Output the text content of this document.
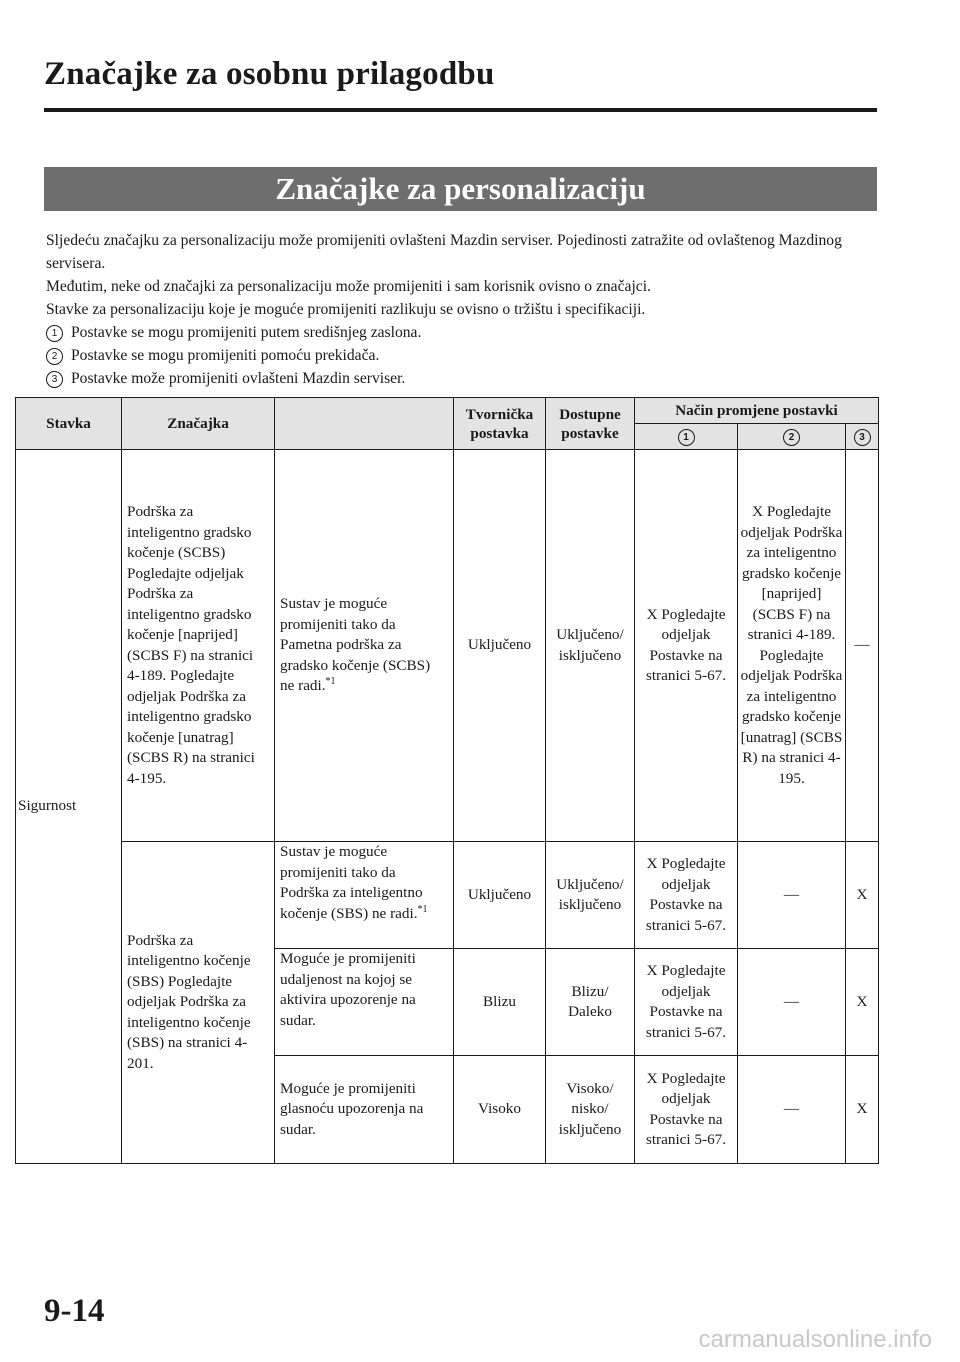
Značajke za osobnu prilagodbu
Značajke za personalizaciju

Sljedeću značajku za personalizaciju može promijeniti ovlašteni Mazdin serviser. Pojedinosti zatražite od ovlaštenog Mazdinog servisera.

Međutim, neke od značajki za personalizaciju može promijeniti i sam korisnik ovisno o značajci.

Stavke za personalizaciju koje je moguće promijeniti razlikuju se ovisno o tržištu i specifikaciji.

1 Postavke se mogu promijeniti putem središnjeg zaslona.

2 Postavke se mogu promijeniti pomoću prekidača.

3 Postavke može promijeniti ovlašteni Mazdin serviser.

Stavka	Značajka		Tvornička postavka	Dostupne postavke	Način promjene postavki		
					1	2	3
Sigurnost	Podrška za inteligentno gradsko kočenje (SCBS) Pogledajte odjeljak Podrška za inteligentno gradsko kočenje [naprijed] (SCBS F) na stranici 4-189. Pogledajte odjeljak Podrška za inteligentno gradsko kočenje [unatrag] (SCBS R) na stranici 4-195.	Sustav je moguće promijeniti tako da Pametna podrška za gradsko kočenje (SCBS) ne radi.$^{*1}$	Uključeno	Uključeno/ isključeno	X Pogledajte odjeljak Postavke na stranici 5-67.	X Pogledajte odjeljak Podrška za inteligentno gradsko kočenje [naprijed] (SCBS F) na stranici 4-189. Pogledajte odjeljak Podrška za inteligentno gradsko kočenje [unatrag] (SCBS R) na stranici 4-195.	—
	Podrška za inteligentno kočenje (SBS) Pogledajte odjeljak Podrška za inteligentno kočenje (SBS) na stranici 4-201.	Sustav je moguće promijeniti tako da Podrška za inteligentno kočenje (SBS) ne radi.$^{*1}$	Uključeno	Uključeno/ isključeno	X Pogledajte odjeljak Postavke na stranici 5-67.	—	X
		Moguće je promijeniti udaljenost na kojoj se aktivira upozorenje na sudar.	Blizu	Blizu/ Daleko	X Pogledajte odjeljak Postavke na stranici 5-67.	—	X
		Moguće je promijeniti glasnoću upozorenja na sudar.	Visoko	Visoko/ nisko/ isključeno	X Pogledajte odjeljak Postavke na stranici 5-67.	—	X
9-14
carmanualsonline.info
